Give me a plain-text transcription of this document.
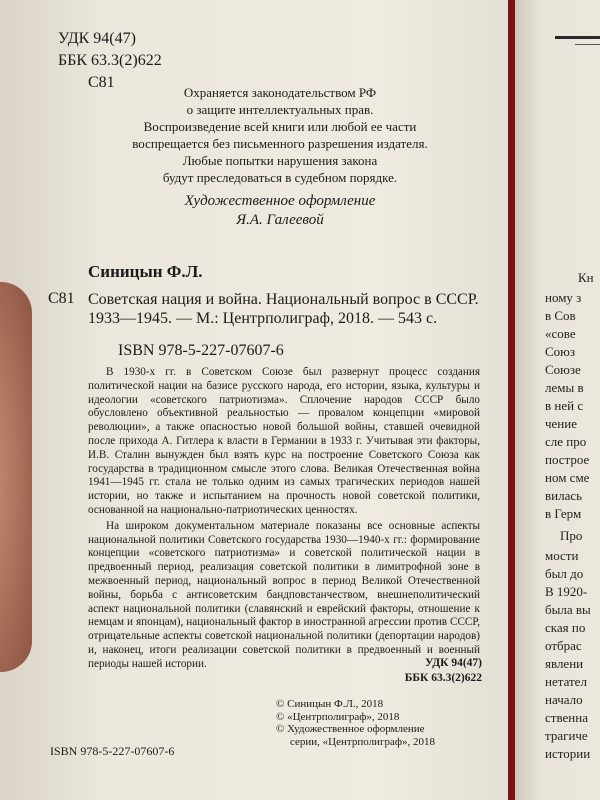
УДК 94(47)
ББК 63.3(2)622
С81
Охраняется законодательством РФ
о защите интеллектуальных прав.
Воспроизведение всей книги или любой ее части
воспрещается без письменного разрешения издателя.
Любые попытки нарушения закона
будут преследоваться в судебном порядке.
Художественное оформление
Я.А. Галеевой
Синицын Ф.Л.
С81 Советская нация и война. Национальный вопрос в СССР. 1933—1945. — М.: Центрполиграф, 2018. — 543 с.
ISBN 978-5-227-07607-6

В 1930-х гг. в Советском Союзе был развернут процесс создания политической нации на базисе русского народа, его истории, языка, культуры и идеологии «советского патриотизма». Сплочение народов СССР было обусловлено объективной реальностью — провалом концепции «мировой революции», а также опасностью новой большой войны, ставшей очевидной после прихода А. Гитлера к власти в Германии в 1933 г. Учитывая эти факторы, И.В. Сталин вынужден был взять курс на построение Советского Союза как государства в традиционном смысле этого слова. Великая Отечественная война 1941—1945 гг. стала не только одним из самых трагических периодов нашей истории, но также и испытанием на прочность новой советской политики, основанной на национально-патриотических ценностях.

На широком документальном материале показаны все основные аспекты национальной политики Советского государства 1930—1940-х гг.: формирование концепции «советского патриотизма» и советской политической нации в предвоенный период, реализация советской политики в лимитрофной зоне в межвоенный период, национальный вопрос в период Великой Отечественной войны, борьба с антисоветским бандповстанчеством, внешнеполитический аспект национальной политики (славянский и еврейский факторы, отношение к немцам и японцам), национальный фактор в иностранной агрессии против СССР, отрицательные аспекты советской национальной политики (депортации народов) и, наконец, итоги реализации советской политики в предвоенный и военный периоды нашей истории.	УДК 94(47)
ББК 63.3(2)622
© Синицын Ф.Л., 2018
© «Центрполиграф», 2018
© Художественное оформление
серии, «Центрполиграф», 2018
ISBN 978-5-227-07607-6
Кн
ному з
в Сов
«сове
Союз
Союзе
лемы в
в ней с
чение
сле про
построе
ном сме
вилась
в Герм
Про
мости
был до
В 1920-
была вы
ская по
отбрас
явлени
нетател
начало
ственна
трагиче
истории
